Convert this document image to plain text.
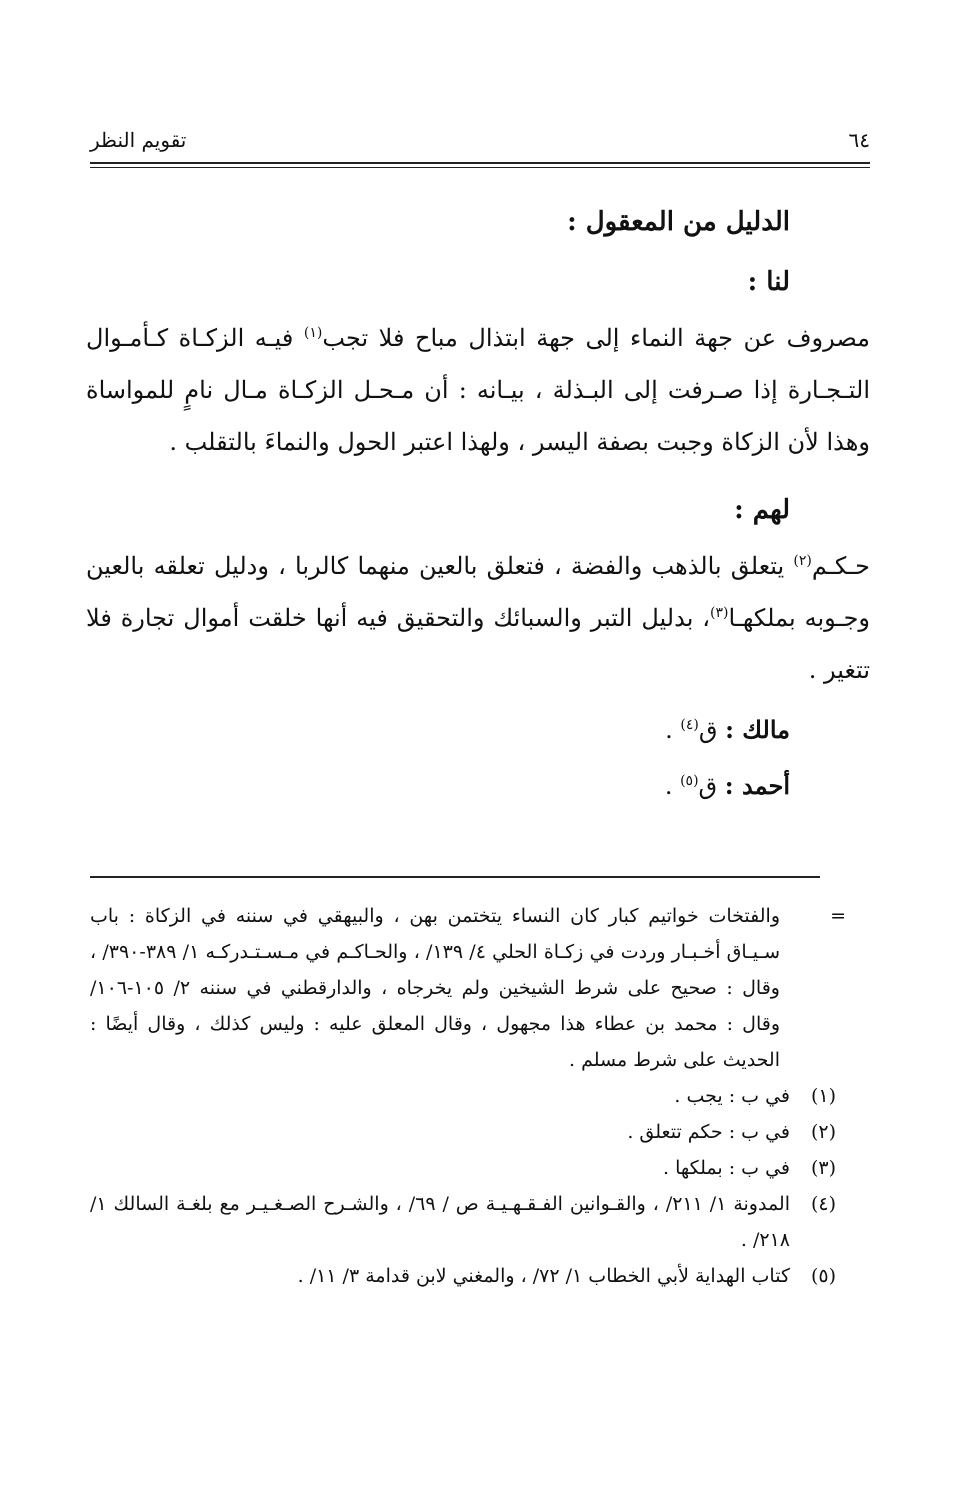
٦٤
تقويم النظر

الدليل من المعقول :

لنا :

مصروف عن جهة النماء إلى جهة ابتذال مباح فلا تجب$^{(١)}$ فيـه الزكـاة كـأمـوال التـجـارة إذا صـرفت إلى البـذلة ، بيـانه : أن مـحـل الزكـاة مـال نامٍ للمواساة وهذا لأن الزكاة وجبت بصفة اليسر ، ولهذا اعتبر الحول والنماءَ بالتقلب .

لهم :

حـكـم$^{(٢)}$ يتعلق بالذهب والفضة ، فتعلق بالعين منهما كالربا ، ودليل تعلقه بالعين وجـوبه بملكهـا$^{(٣)}$، بدليل التبر والسبائك والتحقيق فيه أنها خلقت أموال تجارة فلا تتغير .

مالك : ق$^{(٤)}$ .

أحمد : ق$^{(٥)}$ .

=
والفتخات خواتيم كبار كان النساء يتختمن بهن ، والبيهقي في سننه في الزكاة : باب سـيـاق أخـبـار وردت في زكـاة الحلي ٤/ ١٣٩/ ، والحـاكـم في مـسـتـدركـه ١/ ٣٨٩-٣٩٠/ ، وقال : صحيح على شرط الشيخين ولم يخرجاه ، والدارقطني في سننه ٢/ ١٠٥-١٠٦/ وقال : محمد بن عطاء هذا مجهول ، وقال المعلق عليه : وليس كذلك ، وقال أيضًا : الحديث على شرط مسلم .

(١)
في ب : يجب .

(٢)
في ب : حكم تتعلق .

(٣)
في ب : بملكها .

(٤)
المدونة ١/ ٢١١/ ، والقـوانين الفـقـهـيـة ص / ٦٩/ ، والشـرح الصـغـيـر مع بلغـة السالك ١/ ٢١٨/ .

(٥)
كتاب الهداية لأبي الخطاب ١/ ٧٢/ ، والمغني لابن قدامة ٣/ ١١/ .
